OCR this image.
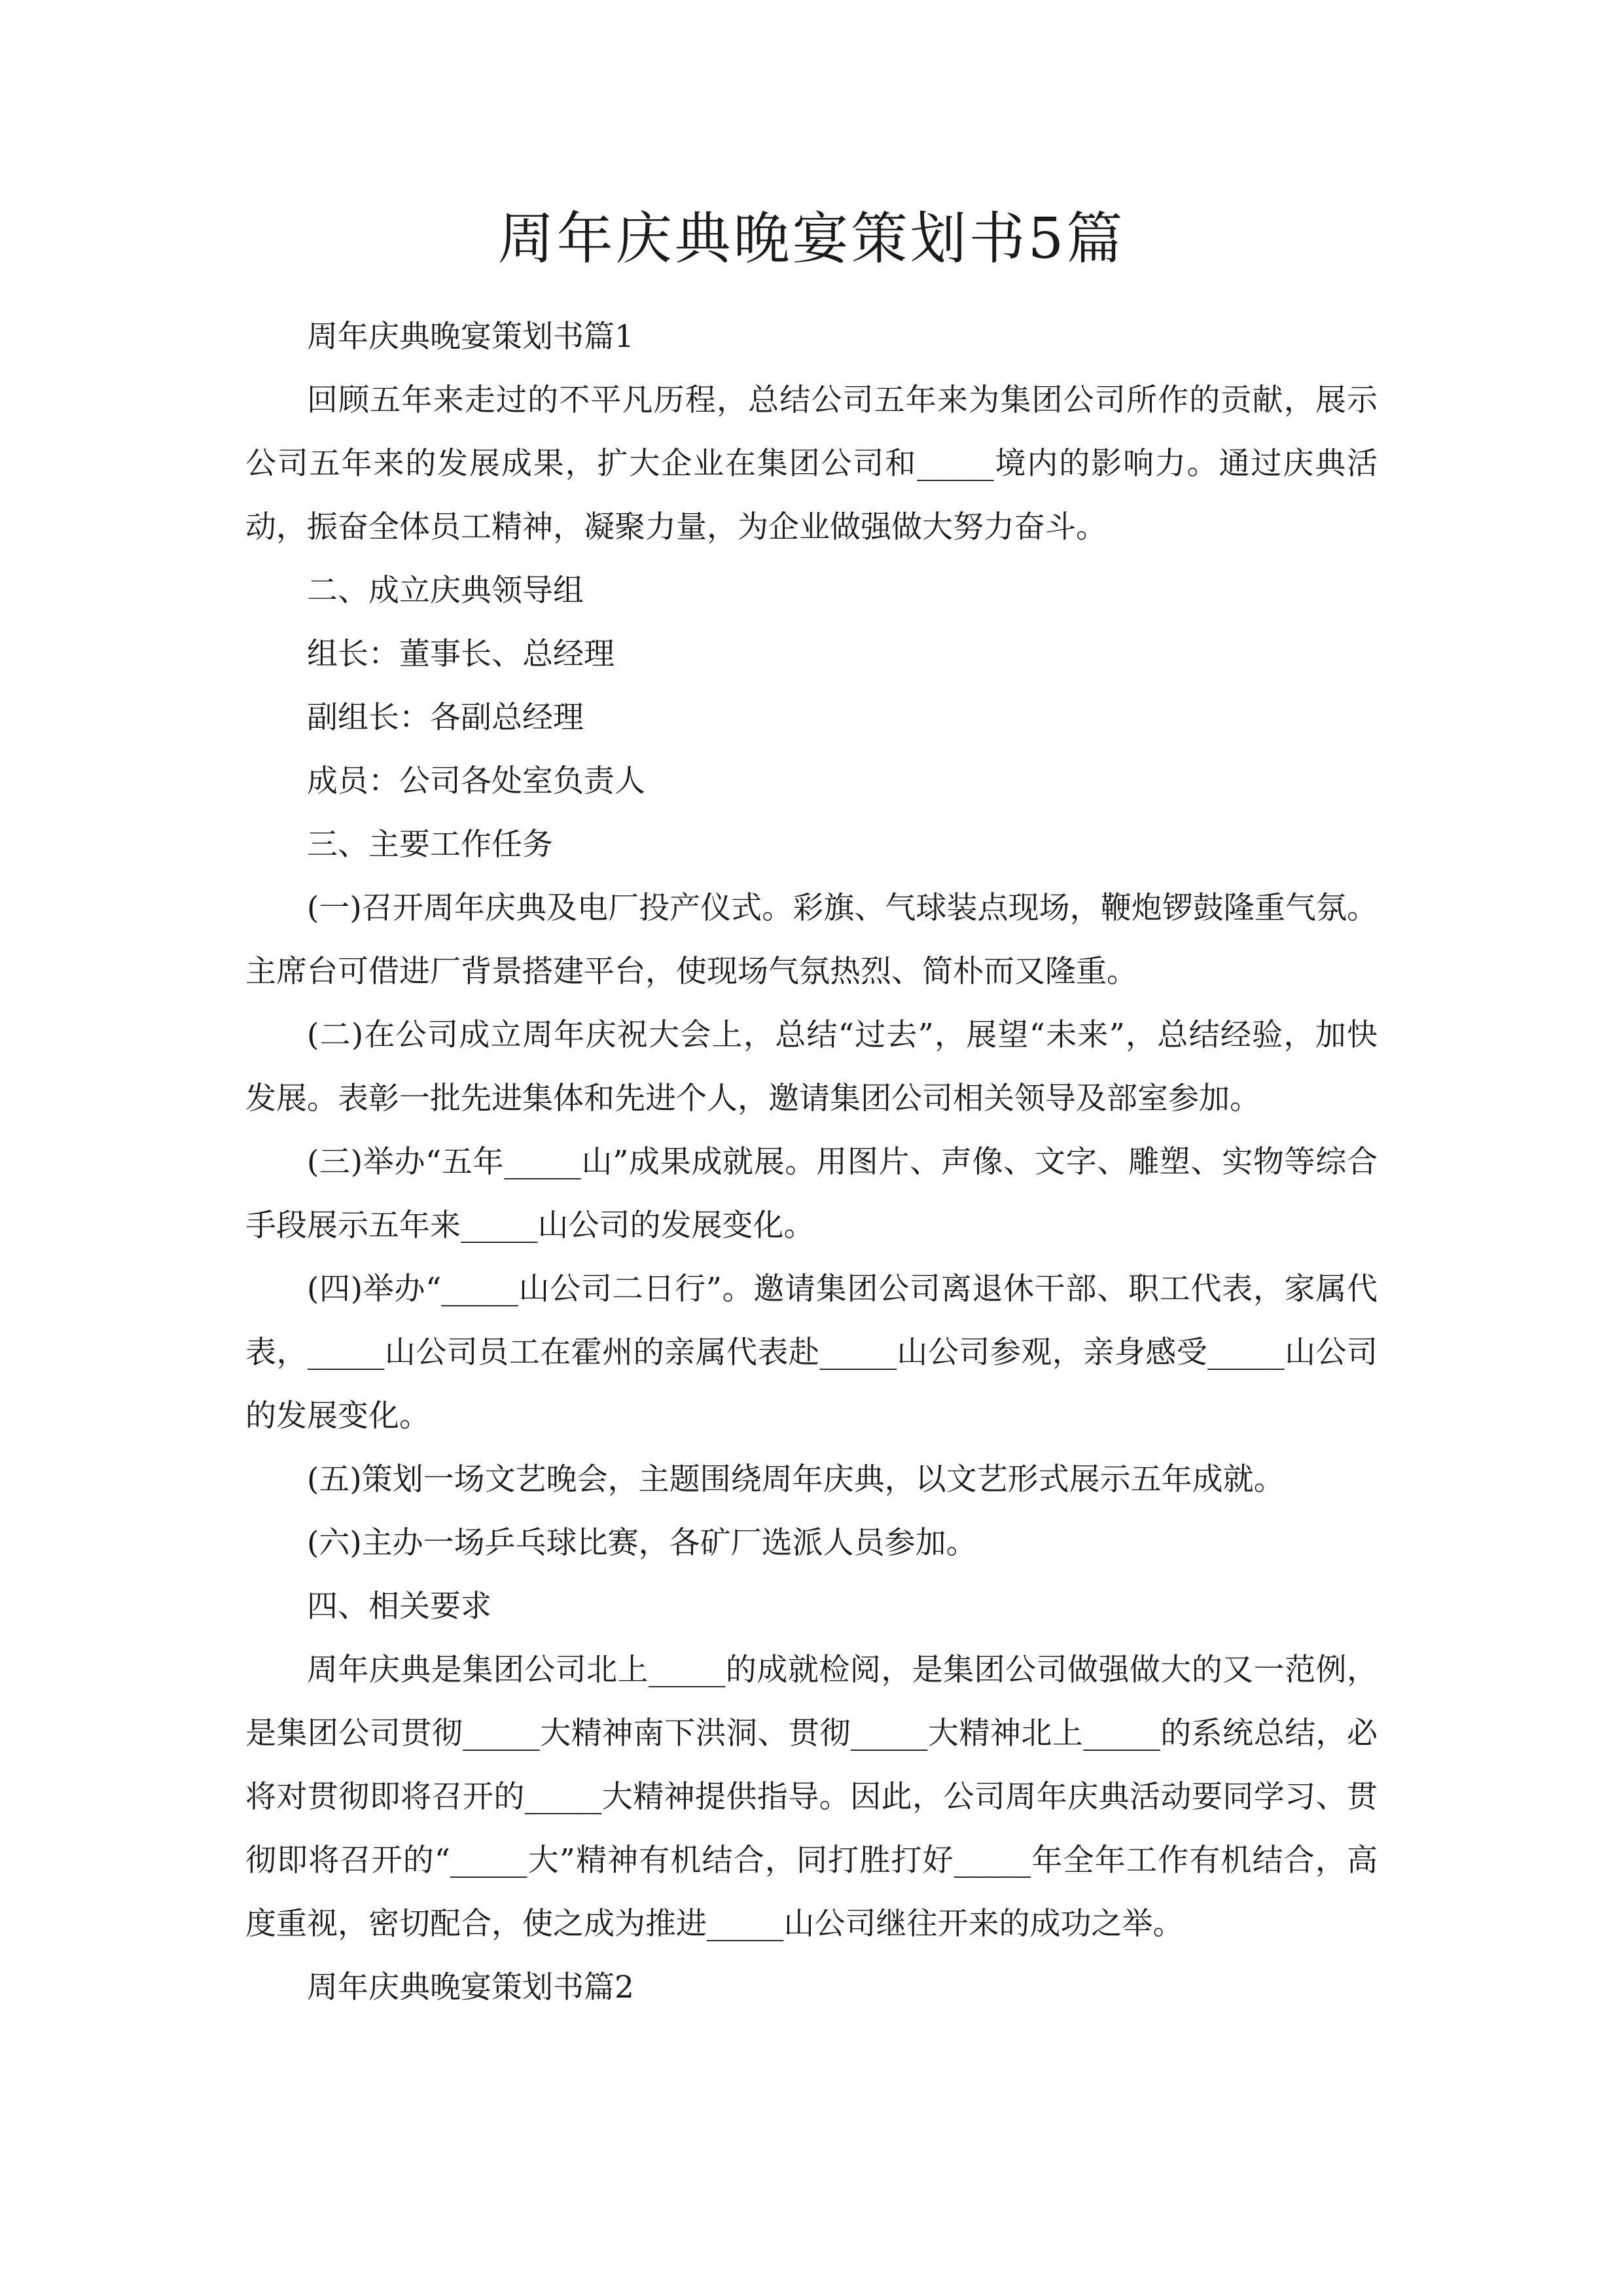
周年庆典晚宴策划书5篇

周年庆典晚宴策划书篇1

回顾五年来走过的不平凡历程，总结公司五年来为集团公司所作的贡献，展示公司五年来的发展成果，扩大企业在集团公司和_____境内的影响力。通过庆典活动，振奋全体员工精神，凝聚力量，为企业做强做大努力奋斗。

二、成立庆典领导组

组长：董事长、总经理

副组长：各副总经理

成员：公司各处室负责人

三、主要工作任务

(一)召开周年庆典及电厂投产仪式。彩旗、气球装点现场，鞭炮锣鼓隆重气氛。主席台可借进厂背景搭建平台，使现场气氛热烈、简朴而又隆重。

(二)在公司成立周年庆祝大会上，总结“过去”，展望“未来”，总结经验，加快发展。表彰一批先进集体和先进个人，邀请集团公司相关领导及部室参加。

(三)举办“五年_____山”成果成就展。用图片、声像、文字、雕塑、实物等综合手段展示五年来_____山公司的发展变化。

(四)举办“_____山公司二日行”。邀请集团公司离退休干部、职工代表，家属代表，_____山公司员工在霍州的亲属代表赴_____山公司参观，亲身感受_____山公司的发展变化。

(五)策划一场文艺晚会，主题围绕周年庆典，以文艺形式展示五年成就。

(六)主办一场乒乓球比赛，各矿厂选派人员参加。

四、相关要求

周年庆典是集团公司北上_____的成就检阅，是集团公司做强做大的又一范例，是集团公司贯彻_____大精神南下洪洞、贯彻_____大精神北上_____的系统总结，必将对贯彻即将召开的_____大精神提供指导。因此，公司周年庆典活动要同学习、贯彻即将召开的“_____大”精神有机结合，同打胜打好_____年全年工作有机结合，高度重视，密切配合，使之成为推进_____山公司继往开来的成功之举。

周年庆典晚宴策划书篇2
